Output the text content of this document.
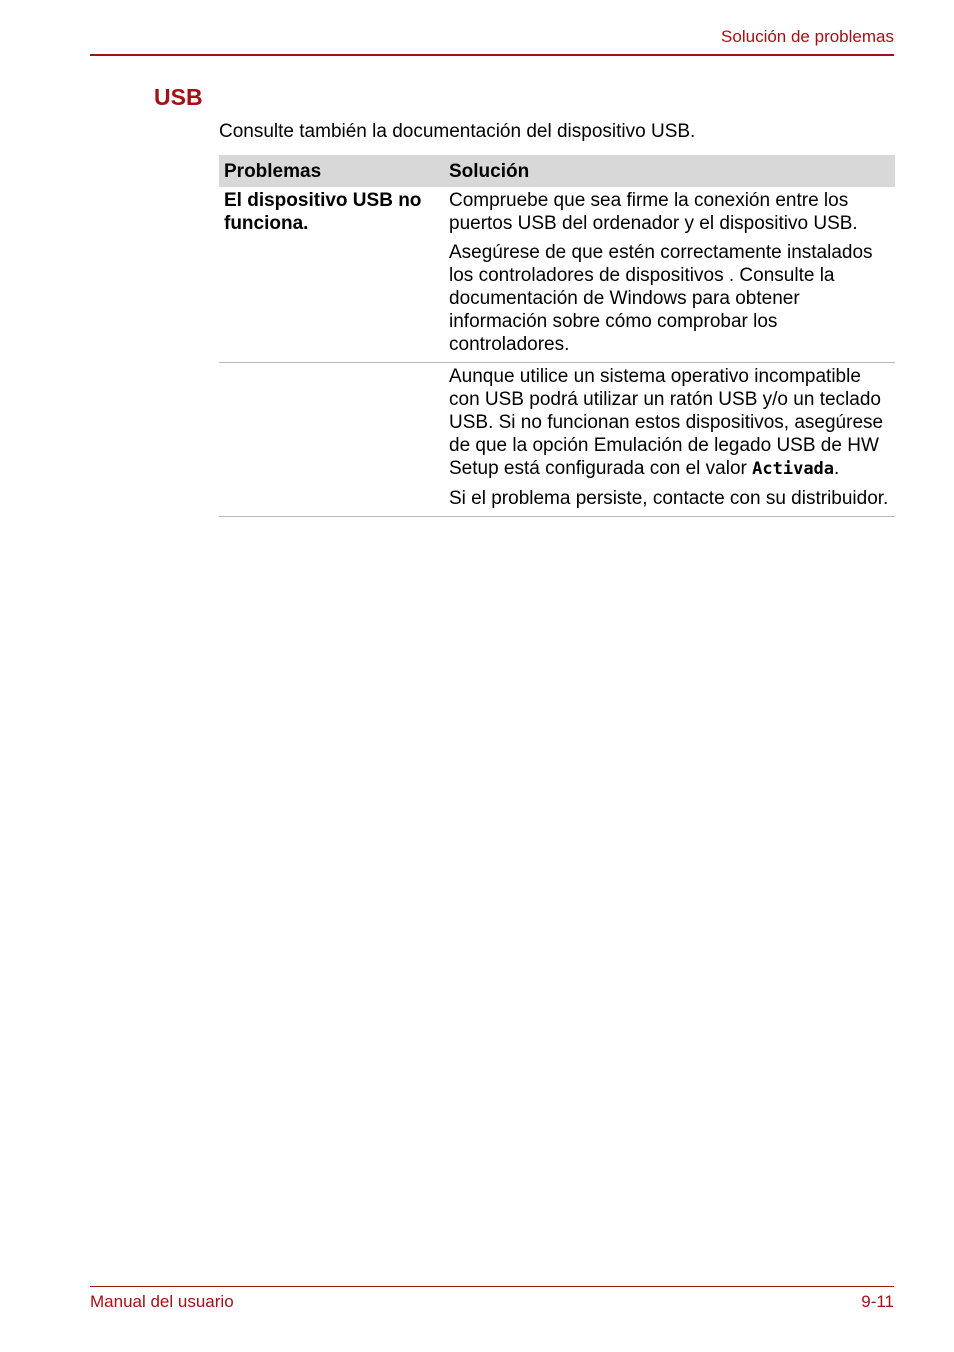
Solución de problemas
USB

Consulte también la documentación del dispositivo USB.

Problemas	Solución
El dispositivo USB no funciona.

Compruebe que sea firme la conexión entre los puertos USB del ordenador y el dispositivo USB.

Asegúrese de que estén correctamente instalados los controladores de dispositivos . Consulte la documentación de Windows para obtener información sobre cómo comprobar los controladores.

Aunque utilice un sistema operativo incompatible con USB podrá utilizar un ratón USB y/o un teclado USB. Si no funcionan estos dispositivos, asegúrese de que la opción Emulación de legado USB de HW Setup está configurada con el valor Activada.

Si el problema persiste, contacte con su distribuidor.

Manual del usuario	9-11
